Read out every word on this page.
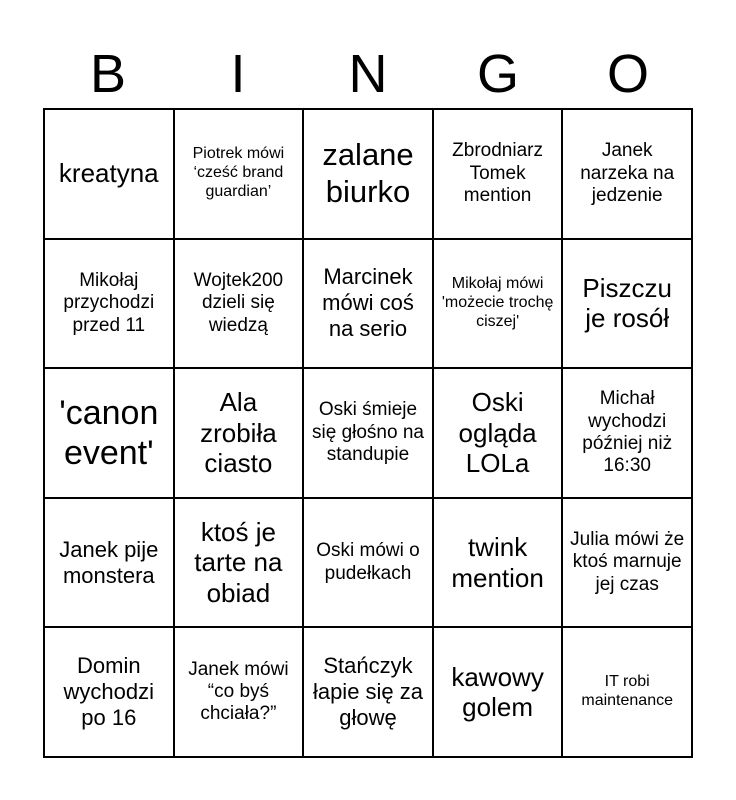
B	I	N	G	O
kreatyna
Piotrek mówi ‘cześć brand guardian’
zalane biurko
Zbrodniarz Tomek mention
Janek narzeka na jedzenie
Mikołaj przychodzi przed 11
Wojtek200 dzieli się wiedzą
Marcinek mówi coś na serio
Mikołaj mówi 'możecie trochę ciszej'
Piszczu je rosół
'canon event'
Ala zrobiła ciasto
Oski śmieje się głośno na standupie
Oski ogląda LOLa
Michał wychodzi później niż 16:30
Janek pije monstera
ktoś je tarte na obiad
Oski mówi o pudełkach
twink mention
Julia mówi że ktoś marnuje jej czas
Domin wychodzi po 16
Janek mówi “co byś chciała?”
Stańczyk łapie się za głowę
kawowy golem
IT robi maintenance
